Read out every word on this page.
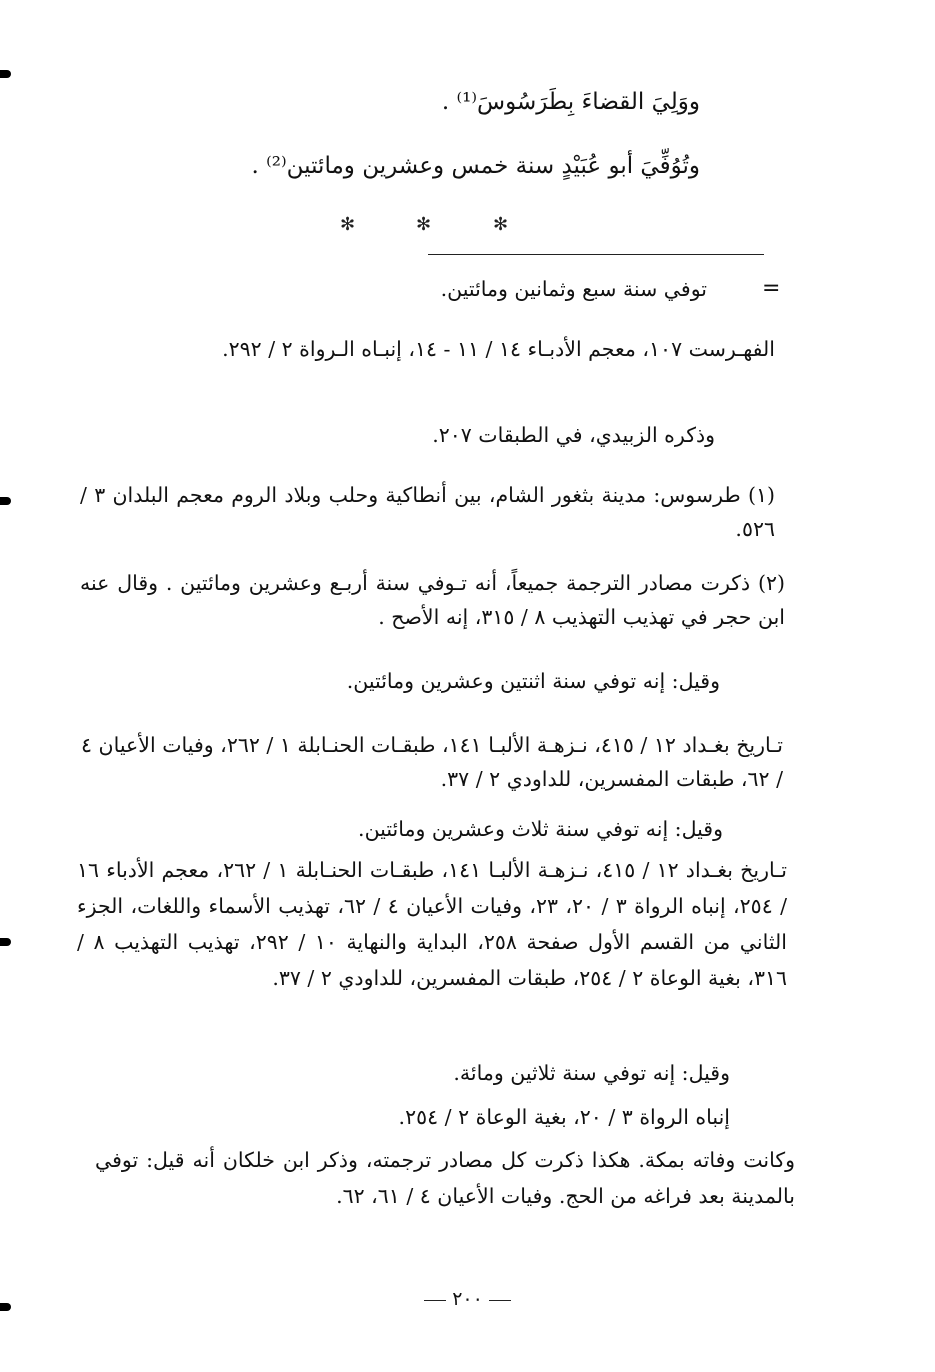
ووَلِيَ القضاءَ بِطَرَسُوسَ⁽¹⁾ .
وتُوُفِّيَ أبو عُبَيْدٍ سنة خمس وعشرين ومائتين⁽²⁾ .
✻	✻	✻
=
توفي سنة سبع وثمانين ومائتين.
الفهـرست ١٠٧، معجم الأدبـاء ١٤ / ١١ - ١٤، إنبـاه الـرواة ٢ / ٢٩٢.
وذكره الزبيدي، في الطبقات ٢٠٧.
(١) طرسوس: مدينة بثغور الشام، بين أنطاكية وحلب وبلاد الروم معجم البلدان ٣ / ٥٢٦.
(٢) ذكرت مصادر الترجمة جميعاً، أنه تـوفي سنة أربـع وعشرين ومائتين . وقال عنه ابن حجر في تهذيب التهذيب ٨ / ٣١٥، إنه الأصح .
وقيل: إنه توفي سنة اثنتين وعشرين ومائتين.
تـاريخ بغـداد ١٢ / ٤١٥، نـزهـة الألبـا ١٤١، طبقـات الحنـابلة ١ / ٢٦٢، وفيات الأعيان ٤ / ٦٢، طبقات المفسرين، للداودي ٢ / ٣٧.
وقيل: إنه توفي سنة ثلاث وعشرين ومائتين.
تـاريخ بغـداد ١٢ / ٤١٥، نـزهـة الألبـا ١٤١، طبقـات الحنـابلة ١ / ٢٦٢، معجم الأدباء ١٦ / ٢٥٤، إنباه الرواة ٣ / ٢٠، ٢٣، وفيات الأعيان ٤ / ٦٢، تهذيب الأسماء واللغات، الجزء الثاني من القسم الأول صفحة ٢٥٨، البداية والنهاية ١٠ / ٢٩٢، تهذيب التهذيب ٨ / ٣١٦، بغية الوعاة ٢ / ٢٥٤، طبقات المفسرين، للداودي ٢ / ٣٧.
وقيل: إنه توفي سنة ثلاثين ومائة.
إنباه الرواة ٣ / ٢٠، بغية الوعاة ٢ / ٢٥٤.
وكانت وفاته بمكة. هكذا ذكرت كل مصادر ترجمته، وذكر ابن خلكان أنه قيل: توفي بالمدينة بعد فراغه من الحج. وفيات الأعيان ٤ / ٦١، ٦٢.
٢٠٠
